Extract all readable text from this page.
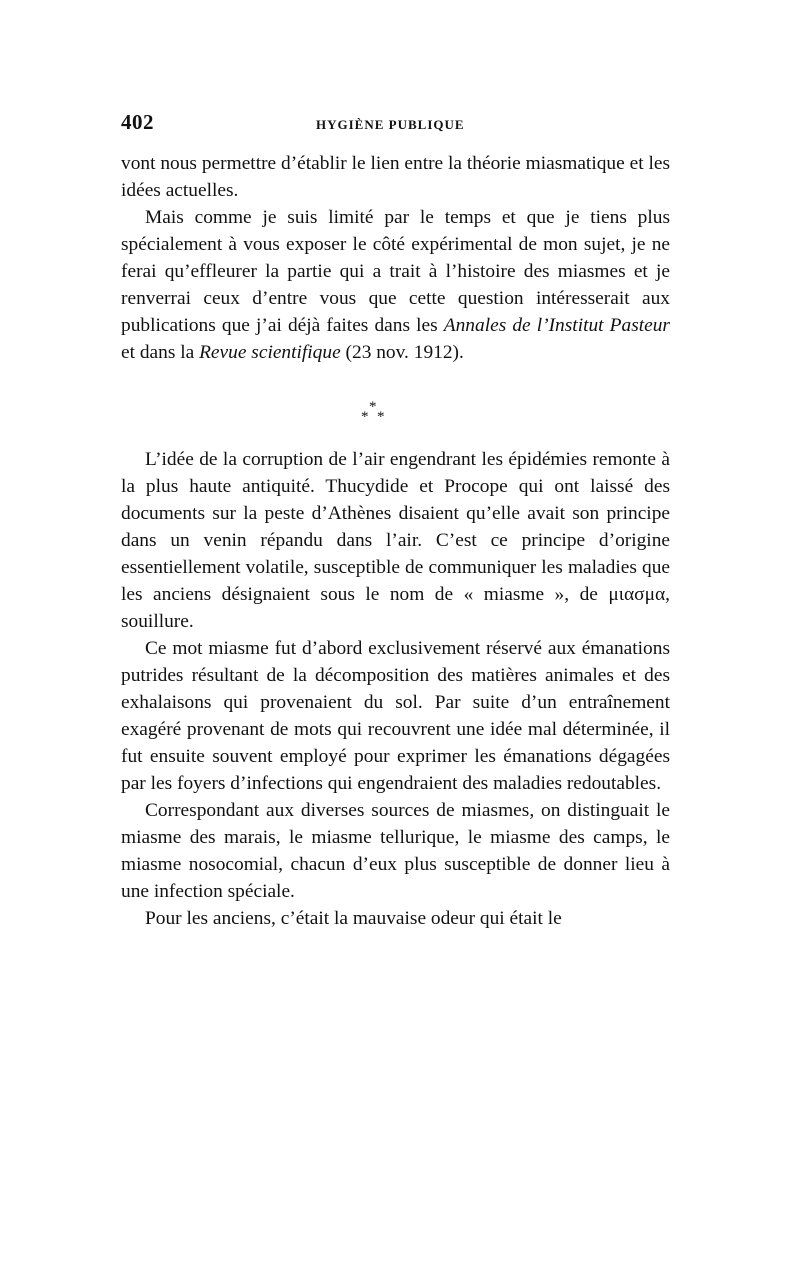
402	HYGIÈNE PUBLIQUE

vont nous permettre d’établir le lien entre la théorie miasmatique et les idées actuelles.

Mais comme je suis limité par le temps et que je tiens plus spécialement à vous exposer le côté expérimental de mon sujet, je ne ferai qu’effleurer la partie qui a trait à l’histoire des miasmes et je renverrai ceux d’entre vous que cette question intéresserait aux publications que j’ai déjà faites dans les Annales de l’Institut Pasteur et dans la Revue scientifique (23 nov. 1912).

*
* *

L’idée de la corruption de l’air engendrant les épidémies remonte à la plus haute antiquité. Thucydide et Procope qui ont laissé des documents sur la peste d’Athènes disaient qu’elle avait son principe dans un venin répandu dans l’air. C’est ce principe d’origine essentiellement volatile, susceptible de communiquer les maladies que les anciens désignaient sous le nom de « miasme », de μιασμα, souillure.

Ce mot miasme fut d’abord exclusivement réservé aux émanations putrides résultant de la décomposition des matières animales et des exhalaisons qui provenaient du sol. Par suite d’un entraînement exagéré provenant de mots qui recouvrent une idée mal déterminée, il fut ensuite souvent employé pour exprimer les émanations dégagées par les foyers d’infections qui engendraient des maladies redoutables.

Correspondant aux diverses sources de miasmes, on distinguait le miasme des marais, le miasme tellurique, le miasme des camps, le miasme nosocomial, chacun d’eux plus susceptible de donner lieu à une infection spéciale.

Pour les anciens, c’était la mauvaise odeur qui était le
